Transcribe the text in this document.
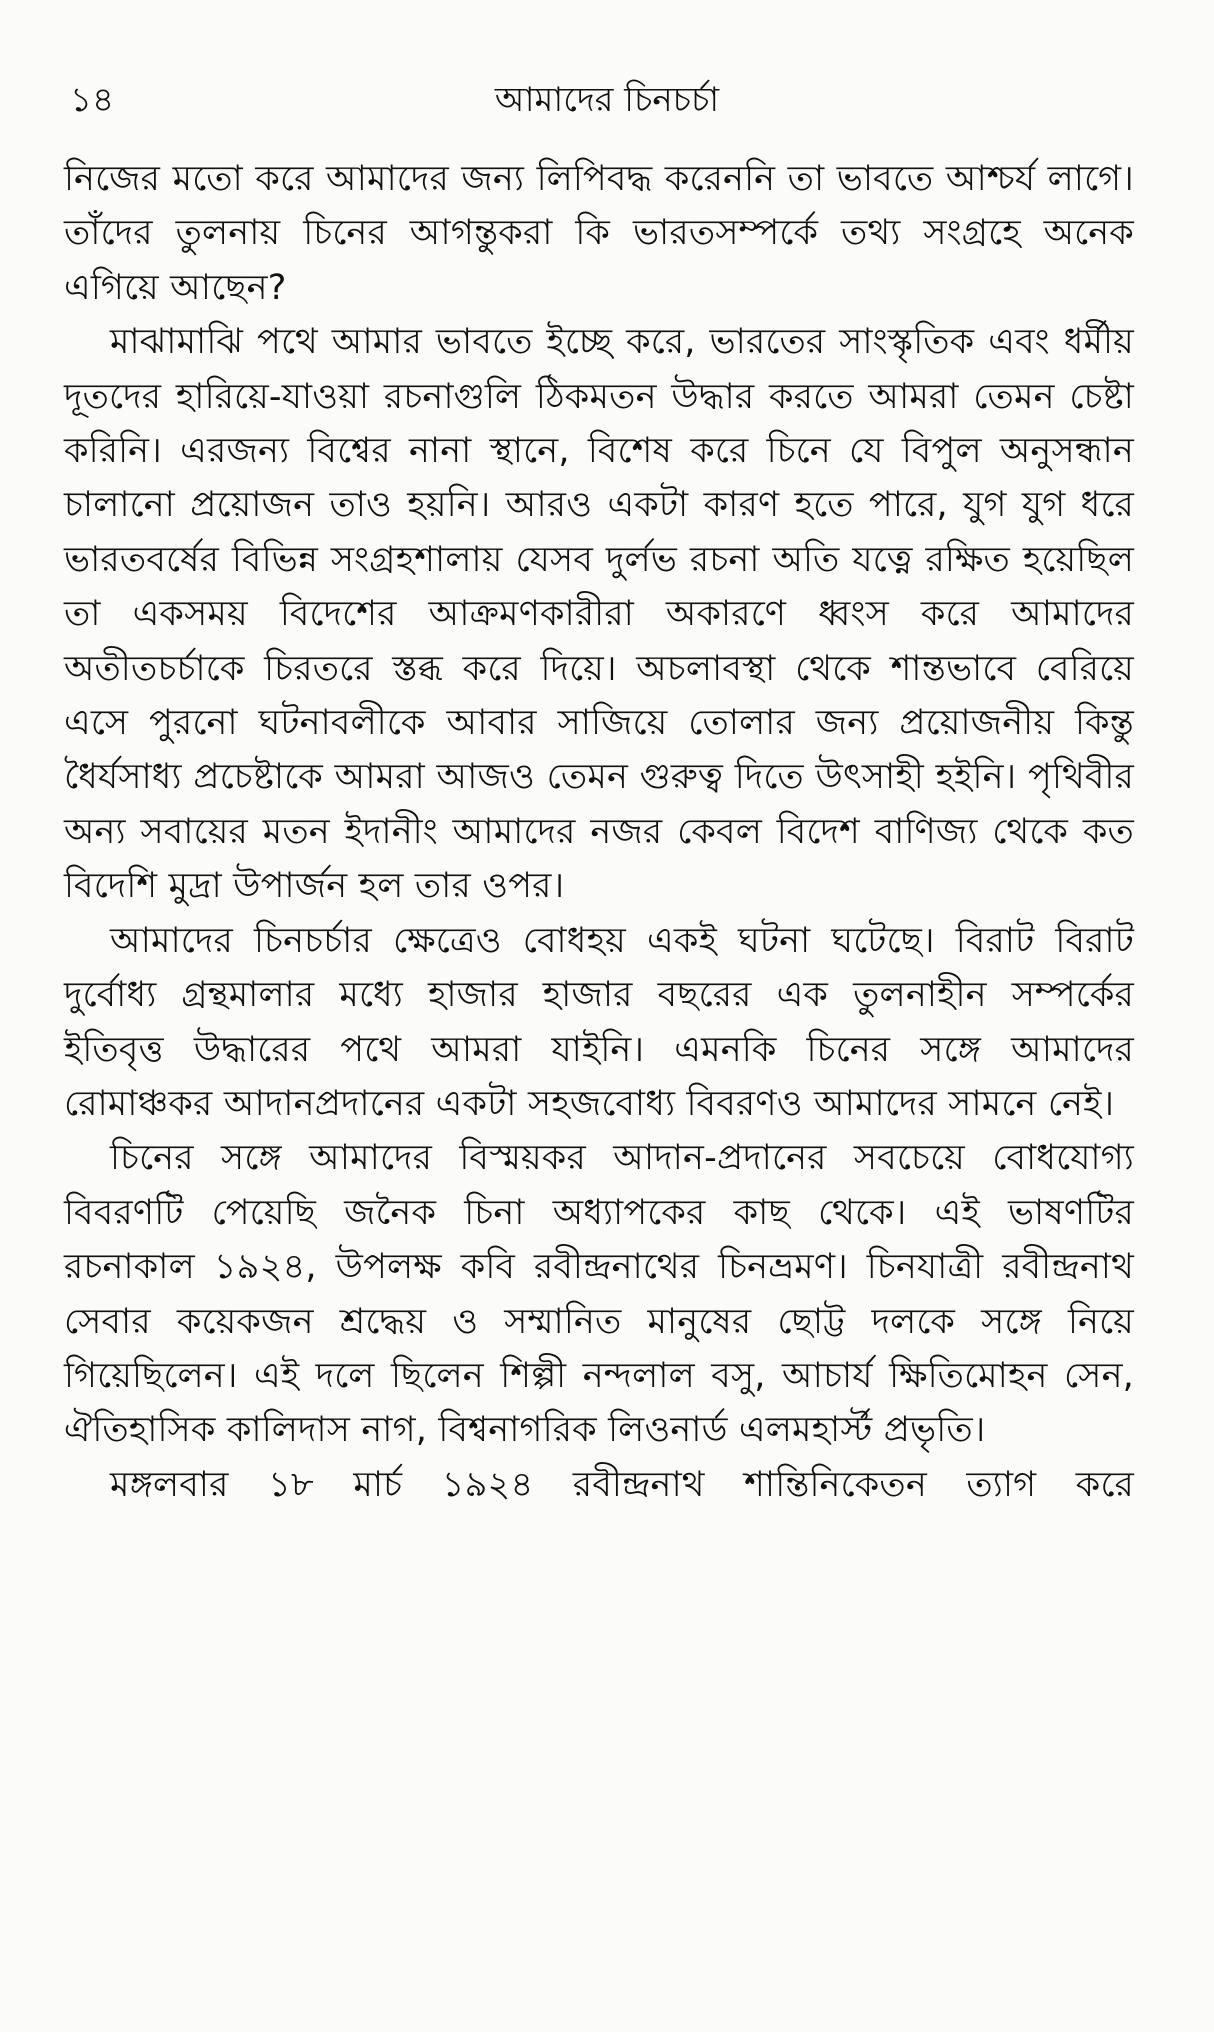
১৪	আমাদের চিনচর্চা

নিজের মতো করে আমাদের জন্য লিপিবদ্ধ করেননি তা ভাবতে আশ্চর্য লাগে। তাঁদের তুলনায় চিনের আগন্তুকরা কি ভারতসম্পর্কে তথ্য সংগ্রহে অনেক এগিয়ে আছেন?

মাঝামাঝি পথে আমার ভাবতে ইচ্ছে করে, ভারতের সাংস্কৃতিক এবং ধর্মীয় দূতদের হারিয়ে-যাওয়া রচনাগুলি ঠিকমতন উদ্ধার করতে আমরা তেমন চেষ্টা করিনি। এরজন্য বিশ্বের নানা স্থানে, বিশেষ করে চিনে যে বিপুল অনুসন্ধান চালানো প্রয়োজন তাও হয়নি। আরও একটা কারণ হতে পারে, যুগ যুগ ধরে ভারতবর্ষের বিভিন্ন সংগ্রহশালায় যেসব দুর্লভ রচনা অতি যত্নে রক্ষিত হয়েছিল তা একসময় বিদেশের আক্রমণকারীরা অকারণে ধ্বংস করে আমাদের অতীতচর্চাকে চিরতরে স্তব্ধ করে দিয়ে। অচলাবস্থা থেকে শান্তভাবে বেরিয়ে এসে পুরনো ঘটনাবলীকে আবার সাজিয়ে তোলার জন্য প্রয়োজনীয় কিন্তু ধৈর্যসাধ্য প্রচেষ্টাকে আমরা আজও তেমন গুরুত্ব দিতে উৎসাহী হইনি। পৃথিবীর অন্য সবায়ের মতন ইদানীং আমাদের নজর কেবল বিদেশ বাণিজ্য থেকে কত বিদেশি মুদ্রা উপার্জন হল তার ওপর।

আমাদের চিনচর্চার ক্ষেত্রেও বোধহয় একই ঘটনা ঘটেছে। বিরাট বিরাট দুর্বোধ্য গ্রন্থমালার মধ্যে হাজার হাজার বছরের এক তুলনাহীন সম্পর্কের ইতিবৃত্ত উদ্ধারের পথে আমরা যাইনি। এমনকি চিনের সঙ্গে আমাদের রোমাঞ্চকর আদানপ্রদানের একটা সহজবোধ্য বিবরণও আমাদের সামনে নেই।

চিনের সঙ্গে আমাদের বিস্ময়কর আদান-প্রদানের সবচেয়ে বোধযোগ্য বিবরণটি পেয়েছি জনৈক চিনা অধ্যাপকের কাছ থেকে। এই ভাষণটির রচনাকাল ১৯২৪, উপলক্ষ কবি রবীন্দ্রনাথের চিনভ্রমণ। চিনযাত্রী রবীন্দ্রনাথ সেবার কয়েকজন শ্রদ্ধেয় ও সম্মানিত মানুষের ছোট্ট দলকে সঙ্গে নিয়ে গিয়েছিলেন। এই দলে ছিলেন শিল্পী নন্দলাল বসু, আচার্য ক্ষিতিমোহন সেন, ঐতিহাসিক কালিদাস নাগ, বিশ্বনাগরিক লিওনার্ড এলমহার্স্ট প্রভৃতি।

মঙ্গলবার ১৮ মার্চ ১৯২৪ রবীন্দ্রনাথ শান্তিনিকেতন ত্যাগ করে
